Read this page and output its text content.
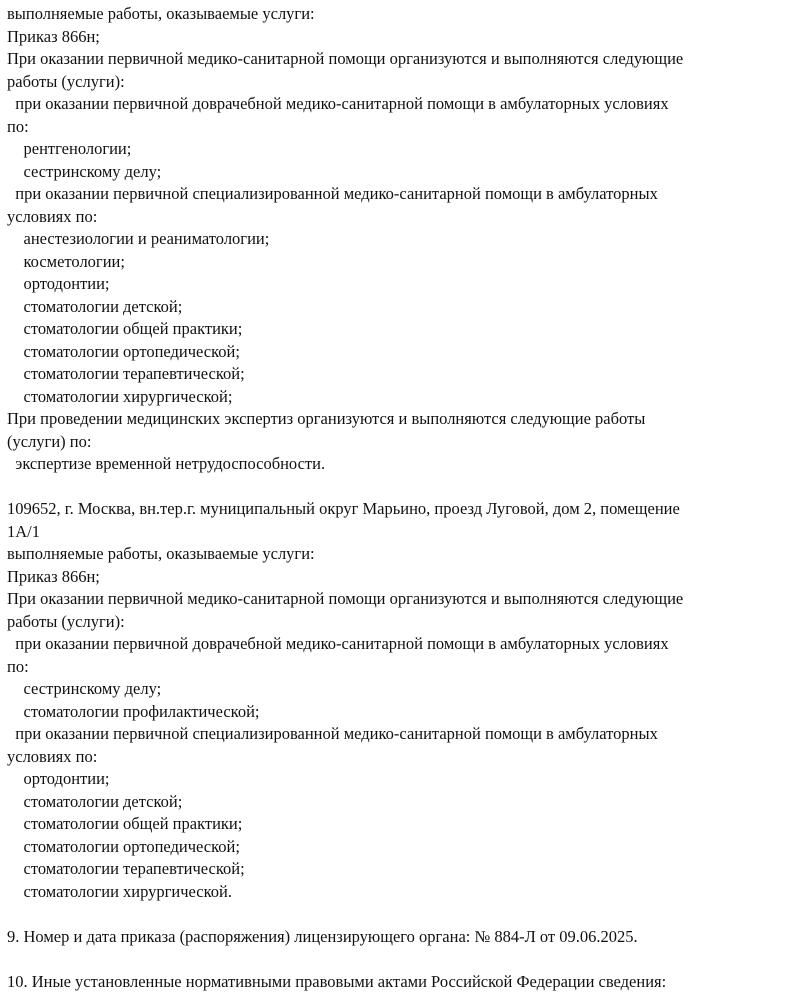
выполняемые работы, оказываемые услуги:
Приказ 866н;
При оказании первичной медико-санитарной помощи организуются и выполняются следующие
работы (услуги):
при оказании первичной доврачебной медико-санитарной помощи в амбулаторных условиях
по:
рентгенологии;
сестринскому делу;
при оказании первичной специализированной медико-санитарной помощи в амбулаторных
условиях по:
анестезиологии и реаниматологии;
косметологии;
ортодонтии;
стоматологии детской;
стоматологии общей практики;
стоматологии ортопедической;
стоматологии терапевтической;
стоматологии хирургической;
При проведении медицинских экспертиз организуются и выполняются следующие работы
(услуги) по:
экспертизе временной нетрудоспособности.
109652, г. Москва, вн.тер.г. муниципальный округ Марьино, проезд Луговой, дом 2, помещение
1А/1
выполняемые работы, оказываемые услуги:
Приказ 866н;
При оказании первичной медико-санитарной помощи организуются и выполняются следующие
работы (услуги):
при оказании первичной доврачебной медико-санитарной помощи в амбулаторных условиях
по:
сестринскому делу;
стоматологии профилактической;
при оказании первичной специализированной медико-санитарной помощи в амбулаторных
условиях по:
ортодонтии;
стоматологии детской;
стоматологии общей практики;
стоматологии ортопедической;
стоматологии терапевтической;
стоматологии хирургической.
9. Номер и дата приказа (распоряжения) лицензирующего органа: № 884-Л от 09.06.2025.
10. Иные установленные нормативными правовыми актами Российской Федерации сведения:
